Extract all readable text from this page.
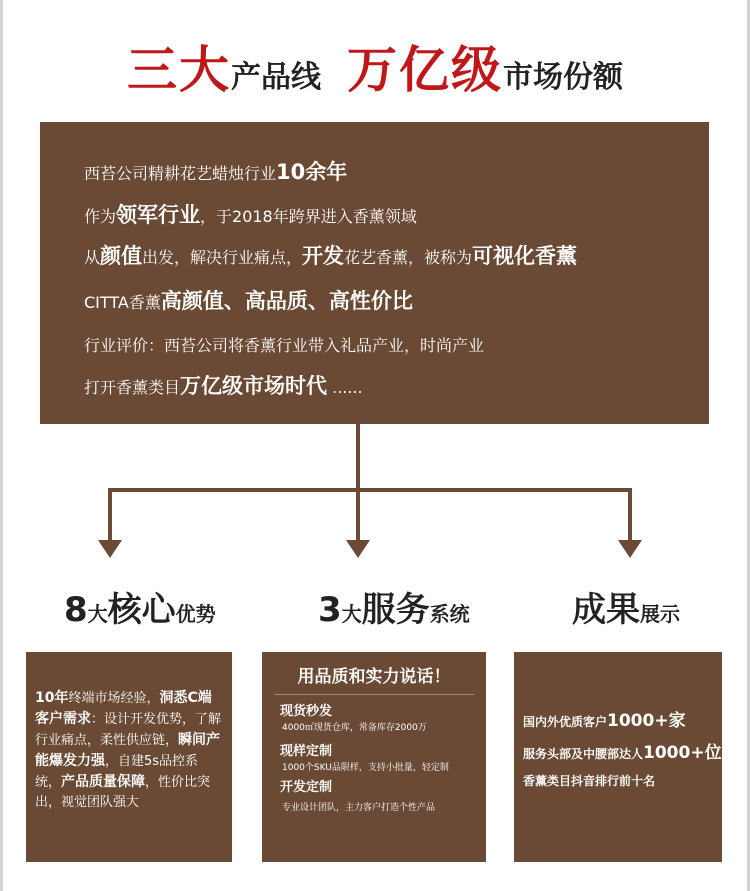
三大产品线 万亿级市场份额
西苔公司精耕花艺蜡烛行业10余年
作为领军行业，于2018年跨界进入香薰领域
从颜值出发，解决行业痛点，开发花艺香薰，被称为可视化香薰
CITTA香薰高颜值、高品质、高性价比
行业评价：西苔公司将香薰行业带入礼品产业，时尚产业
打开香薰类目万亿级市场时代 ......
8大核心优势	3大服务系统	成果展示
10年终端市场经验，洞悉C端客户需求：设计开发优势，了解行业痛点，柔性供应链，瞬间产能爆发力强，自建5s品控系统，产品质量保障，性价比突出，视觉团队强大
用品质和实力说话！
现货秒发
4000㎡现货仓库，常备库存2000万
现样定制
1000个SKU品限样，支持小批量，轻定制
开发定制
专业设计团队，主力客户打造个性产品
国内外优质客户1000+家
服务头部及中腰部达人1000+位
香薰类目抖音排行前十名
